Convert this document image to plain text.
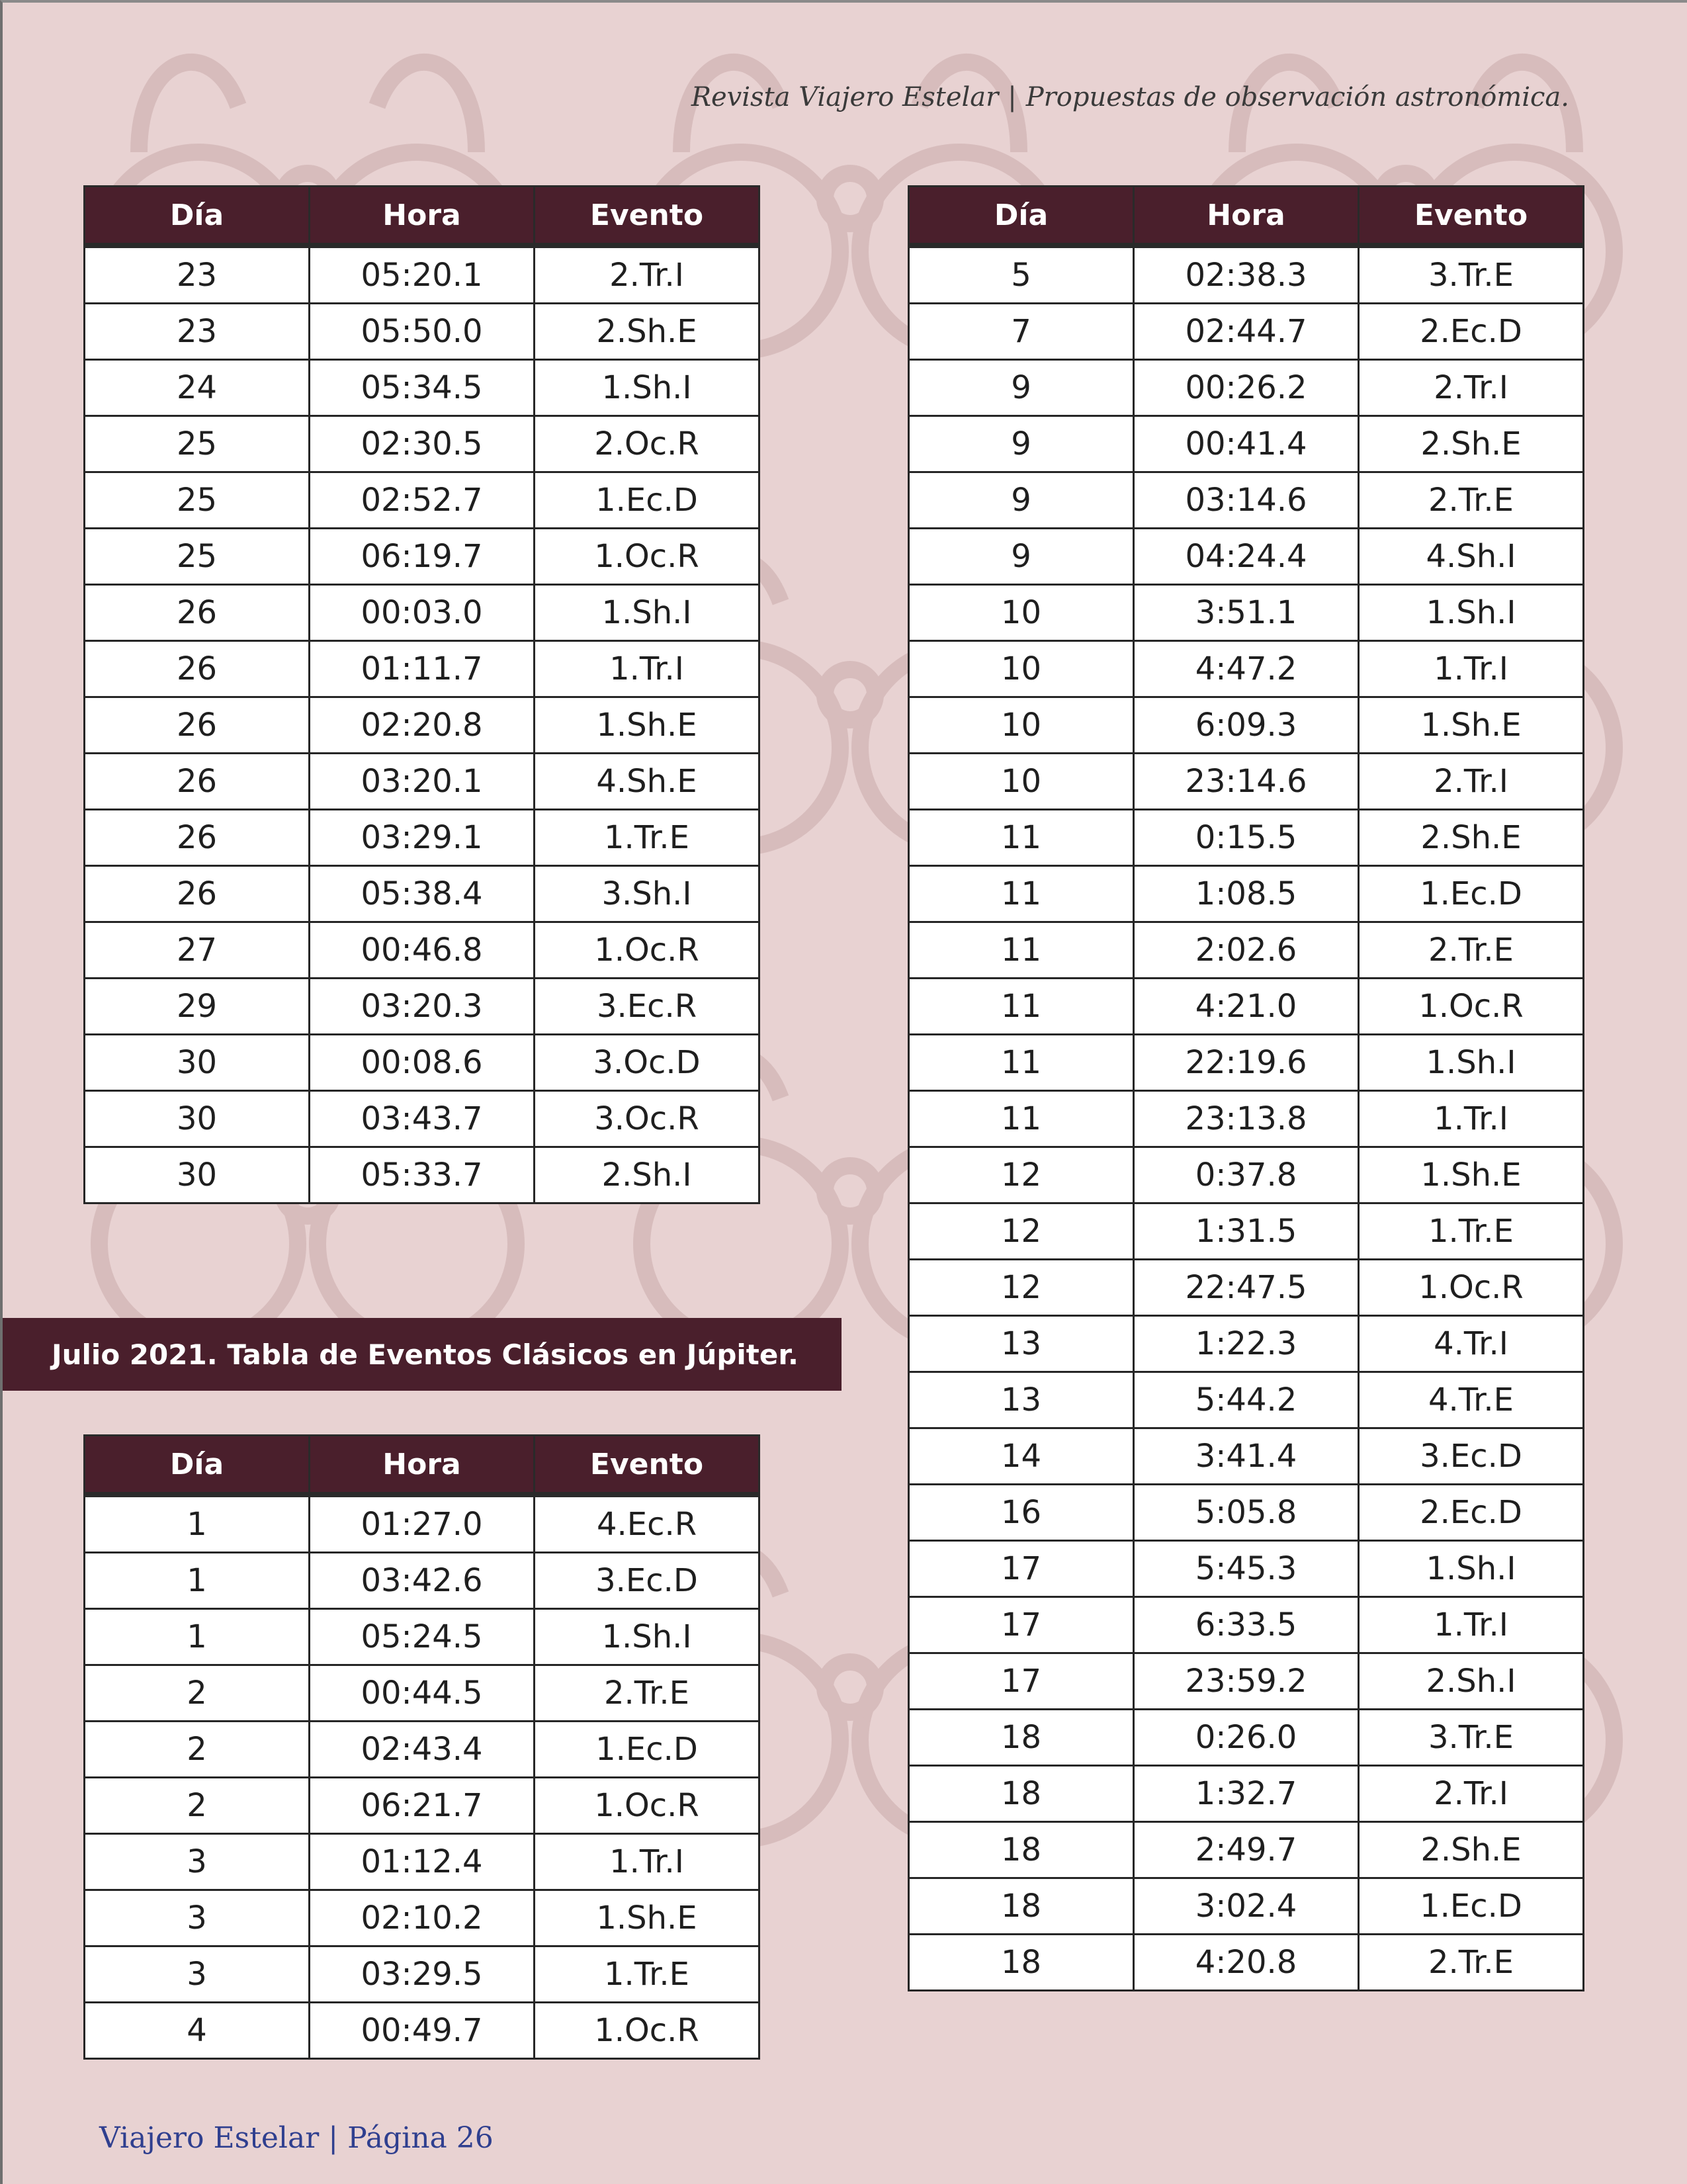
Revista Viajero Estelar | Propuestas de observación astronómica.
Día	Hora	Evento
23	05:20.1	2.Tr.I
23	05:50.0	2.Sh.E
24	05:34.5	1.Sh.I
25	02:30.5	2.Oc.R
25	02:52.7	1.Ec.D
25	06:19.7	1.Oc.R
26	00:03.0	1.Sh.I
26	01:11.7	1.Tr.I
26	02:20.8	1.Sh.E
26	03:20.1	4.Sh.E
26	03:29.1	1.Tr.E
26	05:38.4	3.Sh.I
27	00:46.8	1.Oc.R
29	03:20.3	3.Ec.R
30	00:08.6	3.Oc.D
30	03:43.7	3.Oc.R
30	05:33.7	2.Sh.I
Julio 2021. Tabla de Eventos Clásicos en Júpiter.
Día	Hora	Evento
1	01:27.0	4.Ec.R
1	03:42.6	3.Ec.D
1	05:24.5	1.Sh.I
2	00:44.5	2.Tr.E
2	02:43.4	1.Ec.D
2	06:21.7	1.Oc.R
3	01:12.4	1.Tr.I
3	02:10.2	1.Sh.E
3	03:29.5	1.Tr.E
4	00:49.7	1.Oc.R
Día	Hora	Evento
5	02:38.3	3.Tr.E
7	02:44.7	2.Ec.D
9	00:26.2	2.Tr.I
9	00:41.4	2.Sh.E
9	03:14.6	2.Tr.E
9	04:24.4	4.Sh.I
10	3:51.1	1.Sh.I
10	4:47.2	1.Tr.I
10	6:09.3	1.Sh.E
10	23:14.6	2.Tr.I
11	0:15.5	2.Sh.E
11	1:08.5	1.Ec.D
11	2:02.6	2.Tr.E
11	4:21.0	1.Oc.R
11	22:19.6	1.Sh.I
11	23:13.8	1.Tr.I
12	0:37.8	1.Sh.E
12	1:31.5	1.Tr.E
12	22:47.5	1.Oc.R
13	1:22.3	4.Tr.I
13	5:44.2	4.Tr.E
14	3:41.4	3.Ec.D
16	5:05.8	2.Ec.D
17	5:45.3	1.Sh.I
17	6:33.5	1.Tr.I
17	23:59.2	2.Sh.I
18	0:26.0	3.Tr.E
18	1:32.7	2.Tr.I
18	2:49.7	2.Sh.E
18	3:02.4	1.Ec.D
18	4:20.8	2.Tr.E
Viajero Estelar | Página 26
